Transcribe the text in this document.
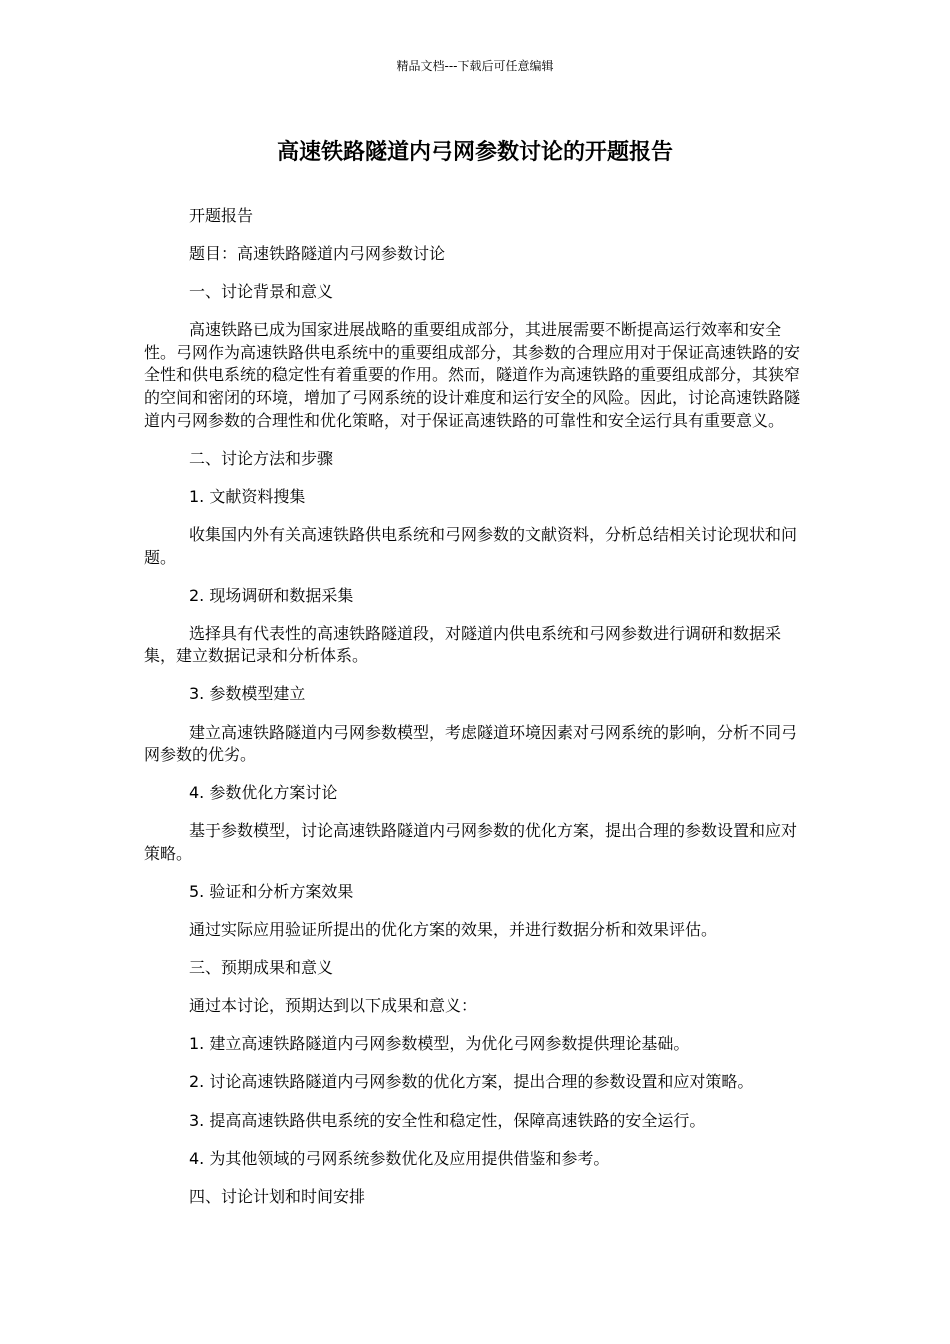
精品文档---下载后可任意编辑
高速铁路隧道内弓网参数讨论的开题报告

开题报告

题目：高速铁路隧道内弓网参数讨论

一、讨论背景和意义

高速铁路已成为国家进展战略的重要组成部分，其进展需要不断提高运行效率和安全性。弓网作为高速铁路供电系统中的重要组成部分，其参数的合理应用对于保证高速铁路的安全性和供电系统的稳定性有着重要的作用。然而，隧道作为高速铁路的重要组成部分，其狭窄的空间和密闭的环境，增加了弓网系统的设计难度和运行安全的风险。因此，讨论高速铁路隧道内弓网参数的合理性和优化策略，对于保证高速铁路的可靠性和安全运行具有重要意义。

二、讨论方法和步骤

1. 文献资料搜集

收集国内外有关高速铁路供电系统和弓网参数的文献资料，分析总结相关讨论现状和问题。

2. 现场调研和数据采集

选择具有代表性的高速铁路隧道段，对隧道内供电系统和弓网参数进行调研和数据采集，建立数据记录和分析体系。

3. 参数模型建立

建立高速铁路隧道内弓网参数模型，考虑隧道环境因素对弓网系统的影响，分析不同弓网参数的优劣。

4. 参数优化方案讨论

基于参数模型，讨论高速铁路隧道内弓网参数的优化方案，提出合理的参数设置和应对策略。

5. 验证和分析方案效果

通过实际应用验证所提出的优化方案的效果，并进行数据分析和效果评估。

三、预期成果和意义

通过本讨论，预期达到以下成果和意义：

1. 建立高速铁路隧道内弓网参数模型，为优化弓网参数提供理论基础。

2. 讨论高速铁路隧道内弓网参数的优化方案，提出合理的参数设置和应对策略。

3. 提高高速铁路供电系统的安全性和稳定性，保障高速铁路的安全运行。

4. 为其他领域的弓网系统参数优化及应用提供借鉴和参考。

四、讨论计划和时间安排
